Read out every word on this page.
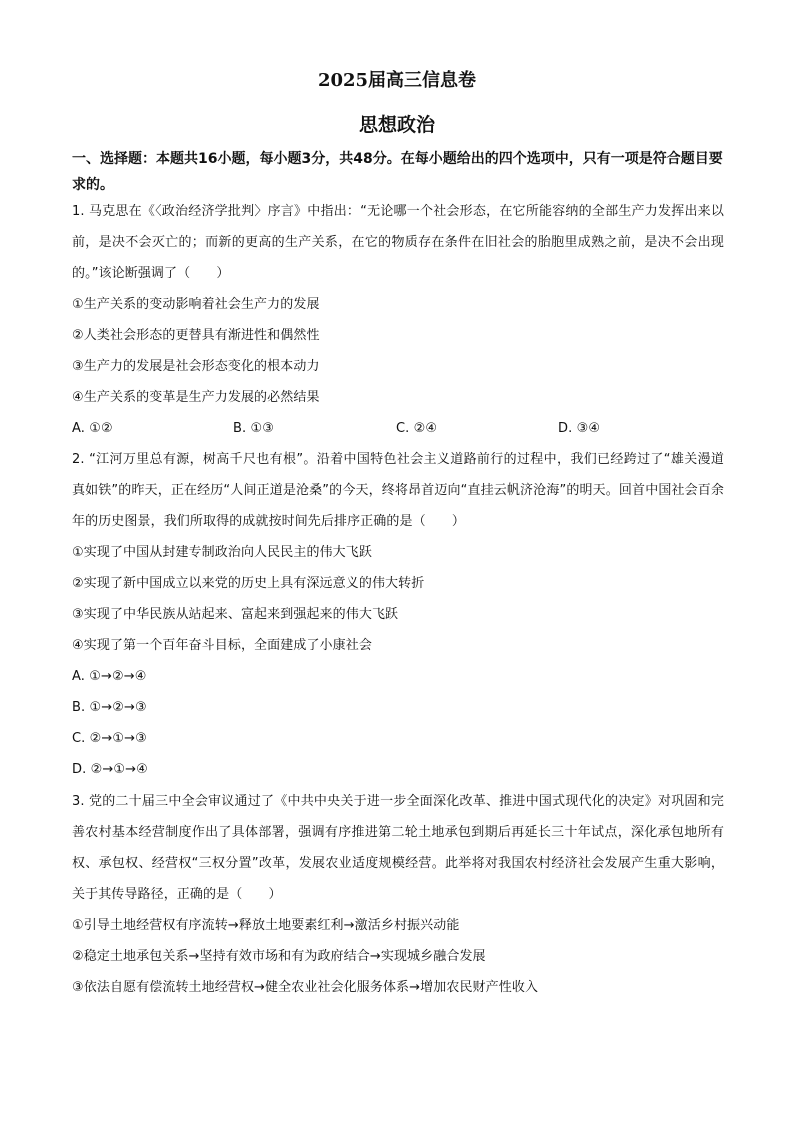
2025届高三信息卷
思想政治

一、选择题：本题共16小题，每小题3分，共48分。在每小题给出的四个选项中，只有一项是符合题目要求的。

1. 马克思在《〈政治经济学批判〉序言》中指出：“无论哪一个社会形态，在它所能容纳的全部生产力发挥出来以前，是决不会灭亡的；而新的更高的生产关系，在它的物质存在条件在旧社会的胎胞里成熟之前，是决不会出现的。”该论断强调了（　　）

①生产关系的变动影响着社会生产力的发展

②人类社会形态的更替具有渐进性和偶然性

③生产力的发展是社会形态变化的根本动力

④生产关系的变革是生产力发展的必然结果

A. ①②	B. ①③	C. ②④	D. ③④

2. “江河万里总有源，树高千尺也有根”。沿着中国特色社会主义道路前行的过程中，我们已经跨过了“雄关漫道真如铁”的昨天，正在经历“人间正道是沧桑”的今天，终将昂首迈向“直挂云帆济沧海”的明天。回首中国社会百余年的历史图景，我们所取得的成就按时间先后排序正确的是（　　）

①实现了中国从封建专制政治向人民民主的伟大飞跃

②实现了新中国成立以来党的历史上具有深远意义的伟大转折

③实现了中华民族从站起来、富起来到强起来的伟大飞跃

④实现了第一个百年奋斗目标，全面建成了小康社会

A. ①→②→④

B. ①→②→③

C. ②→①→③

D. ②→①→④

3. 党的二十届三中全会审议通过了《中共中央关于进一步全面深化改革、推进中国式现代化的决定》对巩固和完善农村基本经营制度作出了具体部署，强调有序推进第二轮土地承包到期后再延长三十年试点，深化承包地所有权、承包权、经营权“三权分置”改革，发展农业适度规模经营。此举将对我国农村经济社会发展产生重大影响，关于其传导路径，正确的是（　　）

①引导土地经营权有序流转→释放土地要素红利→激活乡村振兴动能

②稳定土地承包关系→坚持有效市场和有为政府结合→实现城乡融合发展

③依法自愿有偿流转土地经营权→健全农业社会化服务体系→增加农民财产性收入
